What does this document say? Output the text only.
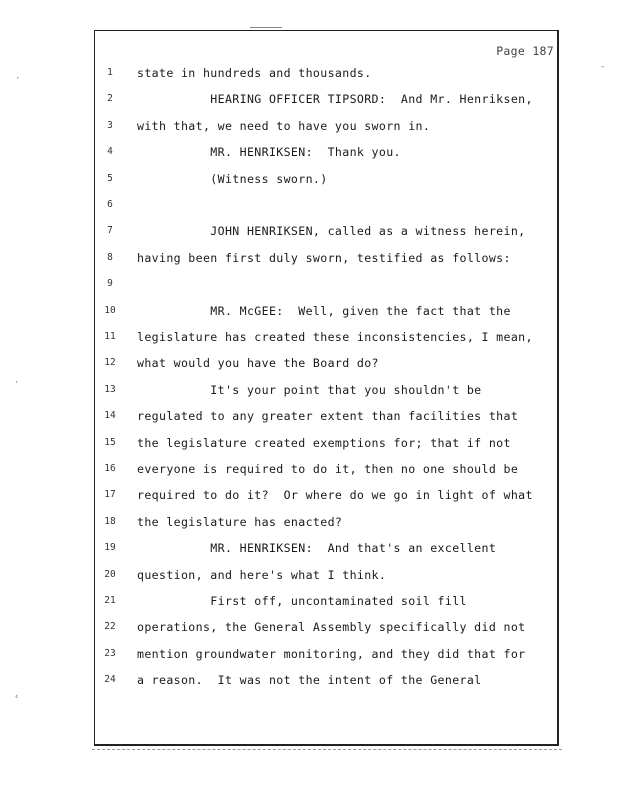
·
·
‹
-
Page 187
1	state in hundreds and thousands.
2	HEARING OFFICER TIPSORD:  And Mr. Henriksen,
3	with that, we need to have you sworn in.
4	MR. HENRIKSEN:  Thank you.
5	(Witness sworn.)
6
7	JOHN HENRIKSEN, called as a witness herein,
8	having been first duly sworn, testified as follows:
9
10	MR. McGEE:  Well, given the fact that the
11	legislature has created these inconsistencies, I mean,
12	what would you have the Board do?
13	It's your point that you shouldn't be
14	regulated to any greater extent than facilities that
15	the legislature created exemptions for; that if not
16	everyone is required to do it, then no one should be
17	required to do it?  Or where do we go in light of what
18	the legislature has enacted?
19	MR. HENRIKSEN:  And that's an excellent
20	question, and here's what I think.
21	First off, uncontaminated soil fill
22	operations, the General Assembly specifically did not
23	mention groundwater monitoring, and they did that for
24	a reason.  It was not the intent of the General
